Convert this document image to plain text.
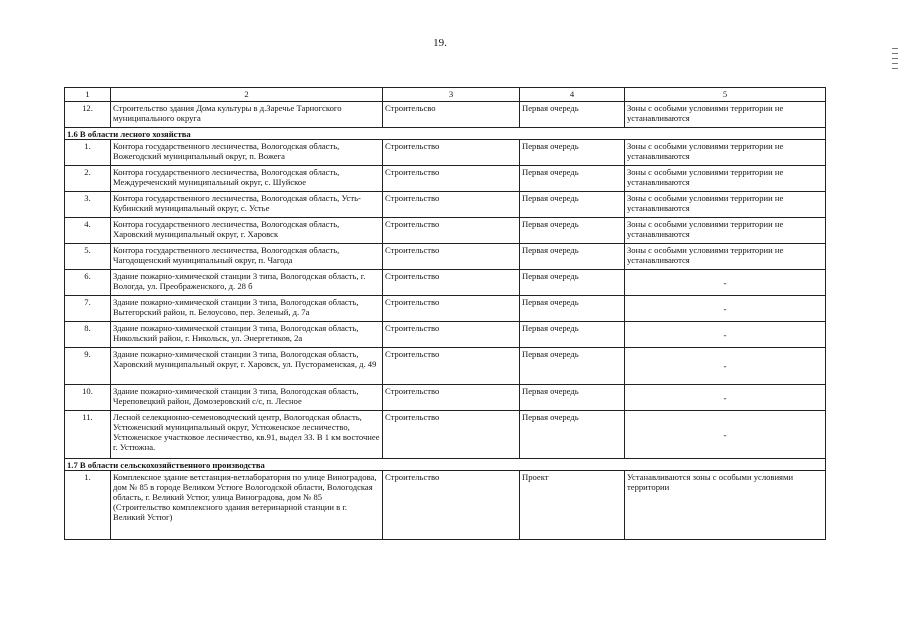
19.
1	2	3	4	5
12.	Строительство здания Дома культуры в д.Заречье Тарногского муниципального округа	Строительсво	Первая очередь	Зоны с особыми условиями территории не устанавливаются
1.6 В области лесного хозяйства				
1.	Контора государственного лесничества, Вологодская область, Вожегодский муниципальный округ, п. Вожега	Строительство	Первая очередь	Зоны с особыми условиями территории не устанавливаются
2.	Контора государственного лесничества, Вологодская область, Междуреченский муниципальный округ, с. Шуйское	Строительство	Первая очередь	Зоны с особыми условиями территории не устанавливаются
3.	Контора государственного лесничества, Вологодская область, Усть-Кубинский муниципальный округ, с. Устье	Строительство	Первая очередь	Зоны с особыми условиями территории не устанавливаются
4.	Контора государственного лесничества, Вологодская область, Харовский муниципальный округ, г. Харовск	Строительство	Первая очередь	Зоны с особыми условиями территории не устанавливаются
5.	Контора государственного лесничества, Вологодская область, Чагодощенский муниципальный округ, п. Чагода	Строительство	Первая очередь	Зоны с особыми условиями территории не устанавливаются
6.	Здание пожарно-химической станции 3 типа, Вологодская область, г. Вологда, ул. Преображенского, д. 28 б	Строительство	Первая очередь	-
7.	Здание пожарно-химической станции 3 типа, Вологодская область, Вытегорский район, п. Белоусово, пер. Зеленый, д. 7а	Строительство	Первая очередь	-
8.	Здание пожарно-химической станции 3 типа, Вологодская область, Никольский район, г. Никольск, ул. Энергетиков, 2а	Строительство	Первая очередь	-
9.	Здание пожарно-химической станции 3 типа, Вологодская область, Харовский муниципальный округ, г. Харовск, ул. Пустораменская, д. 49	Строительство	Первая очередь	-
10.	Здание пожарно-химической станции 3 типа, Вологодская область, Череповецкий район, Домозеровский с/с, п. Лесное	Строительство	Первая очередь	-
11.	Лесной селекционно-семеноводческий центр, Вологодская область, Устюженский муниципальный округ, Устюженское лесничество, Устюженское участковое лесничество, кв.91, выдел 33. В 1 км восточнее г. Устюжна.	Строительство	Первая очередь	-
1.7 В области сельскохозяйственного производства				
1.	Комплексное здание ветстанция-ветлаборатория по улице Виноградова, дом № 85 в городе Великом Устюге Вологодской области, Вологодская область, г. Великий Устюг, улица Виноградова, дом № 85 (Строительство комплексного здания ветеринарной станции в г. Великий Устюг)	Строительство	Проект	Устанавливаются зоны с особыми условиями территории
